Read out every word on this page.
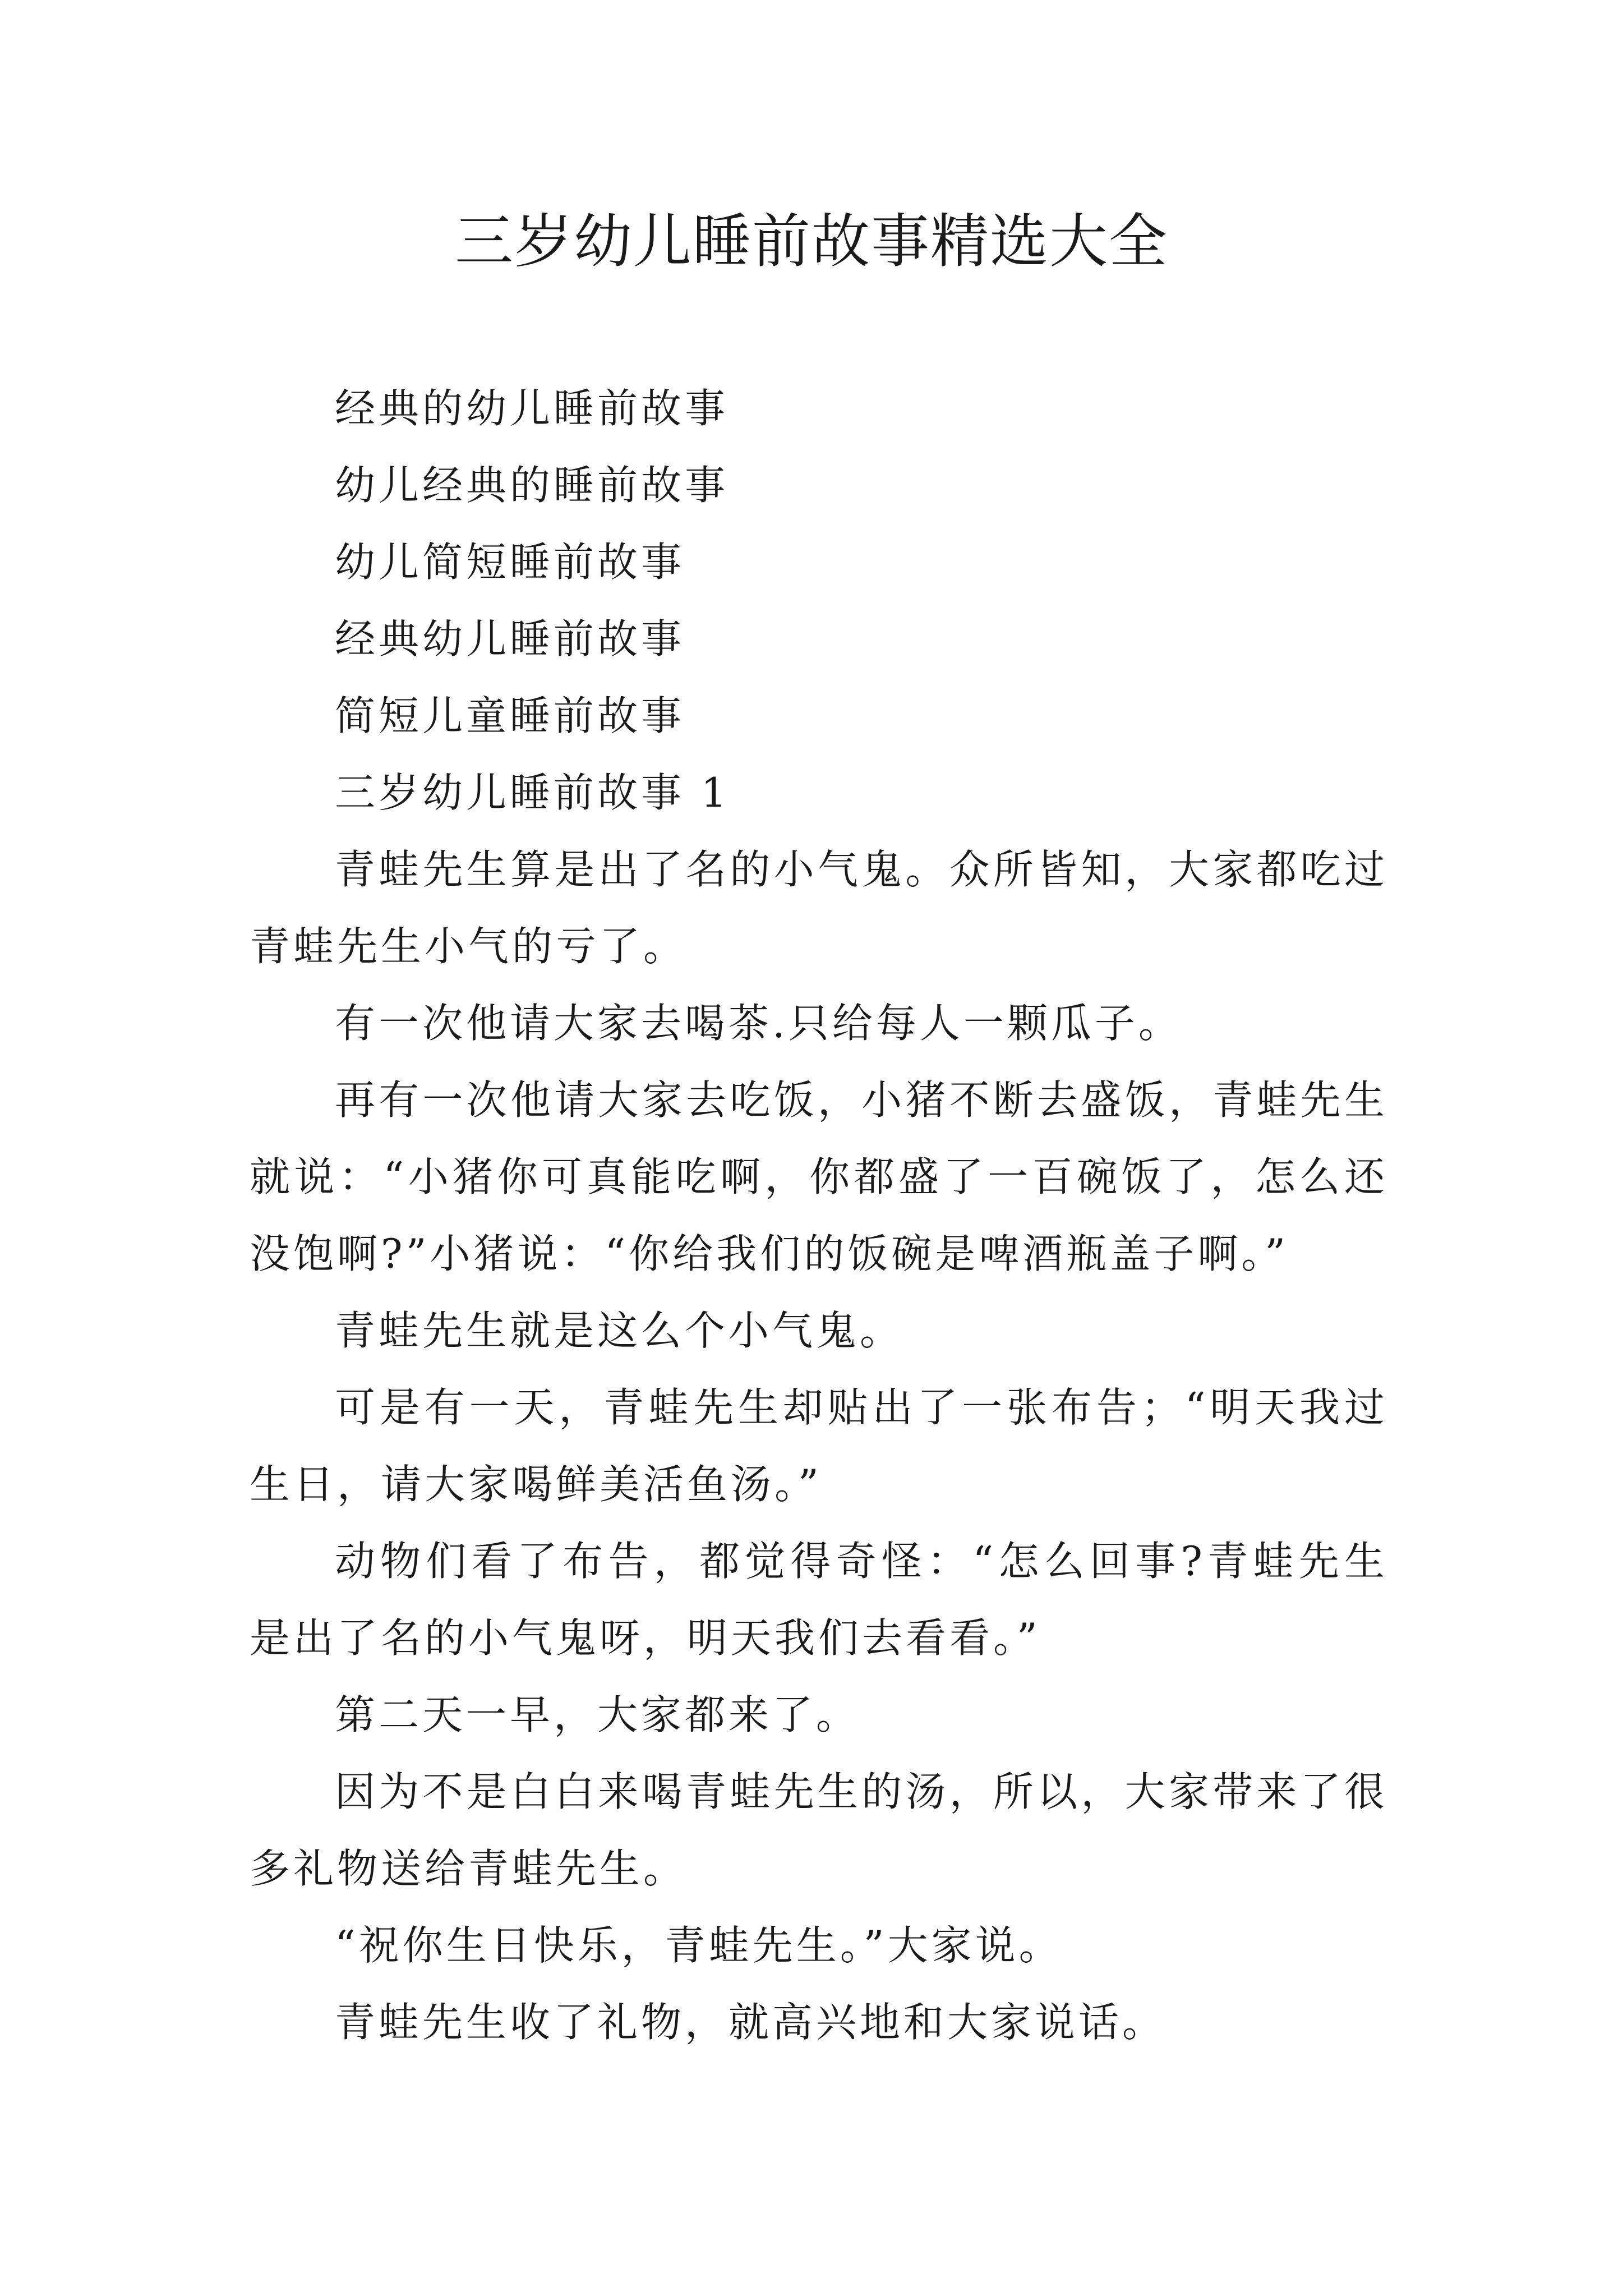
三岁幼儿睡前故事精选大全

经典的幼儿睡前故事

幼儿经典的睡前故事

幼儿简短睡前故事

经典幼儿睡前故事

简短儿童睡前故事

三岁幼儿睡前故事 1

青蛙先生算是出了名的小气鬼。众所皆知，大家都吃过青蛙先生小气的亏了。

有一次他请大家去喝茶.只给每人一颗瓜子。

再有一次他请大家去吃饭，小猪不断去盛饭，青蛙先生就说：“小猪你可真能吃啊，你都盛了一百碗饭了，怎么还没饱啊?”小猪说：“你给我们的饭碗是啤酒瓶盖子啊。”

青蛙先生就是这么个小气鬼。

可是有一天，青蛙先生却贴出了一张布告；“明天我过生日，请大家喝鲜美活鱼汤。”

动物们看了布告，都觉得奇怪：“怎么回事?青蛙先生是出了名的小气鬼呀，明天我们去看看。”

第二天一早，大家都来了。

因为不是白白来喝青蛙先生的汤，所以，大家带来了很多礼物送给青蛙先生。

“祝你生日快乐，青蛙先生。”大家说。

青蛙先生收了礼物，就高兴地和大家说话。
